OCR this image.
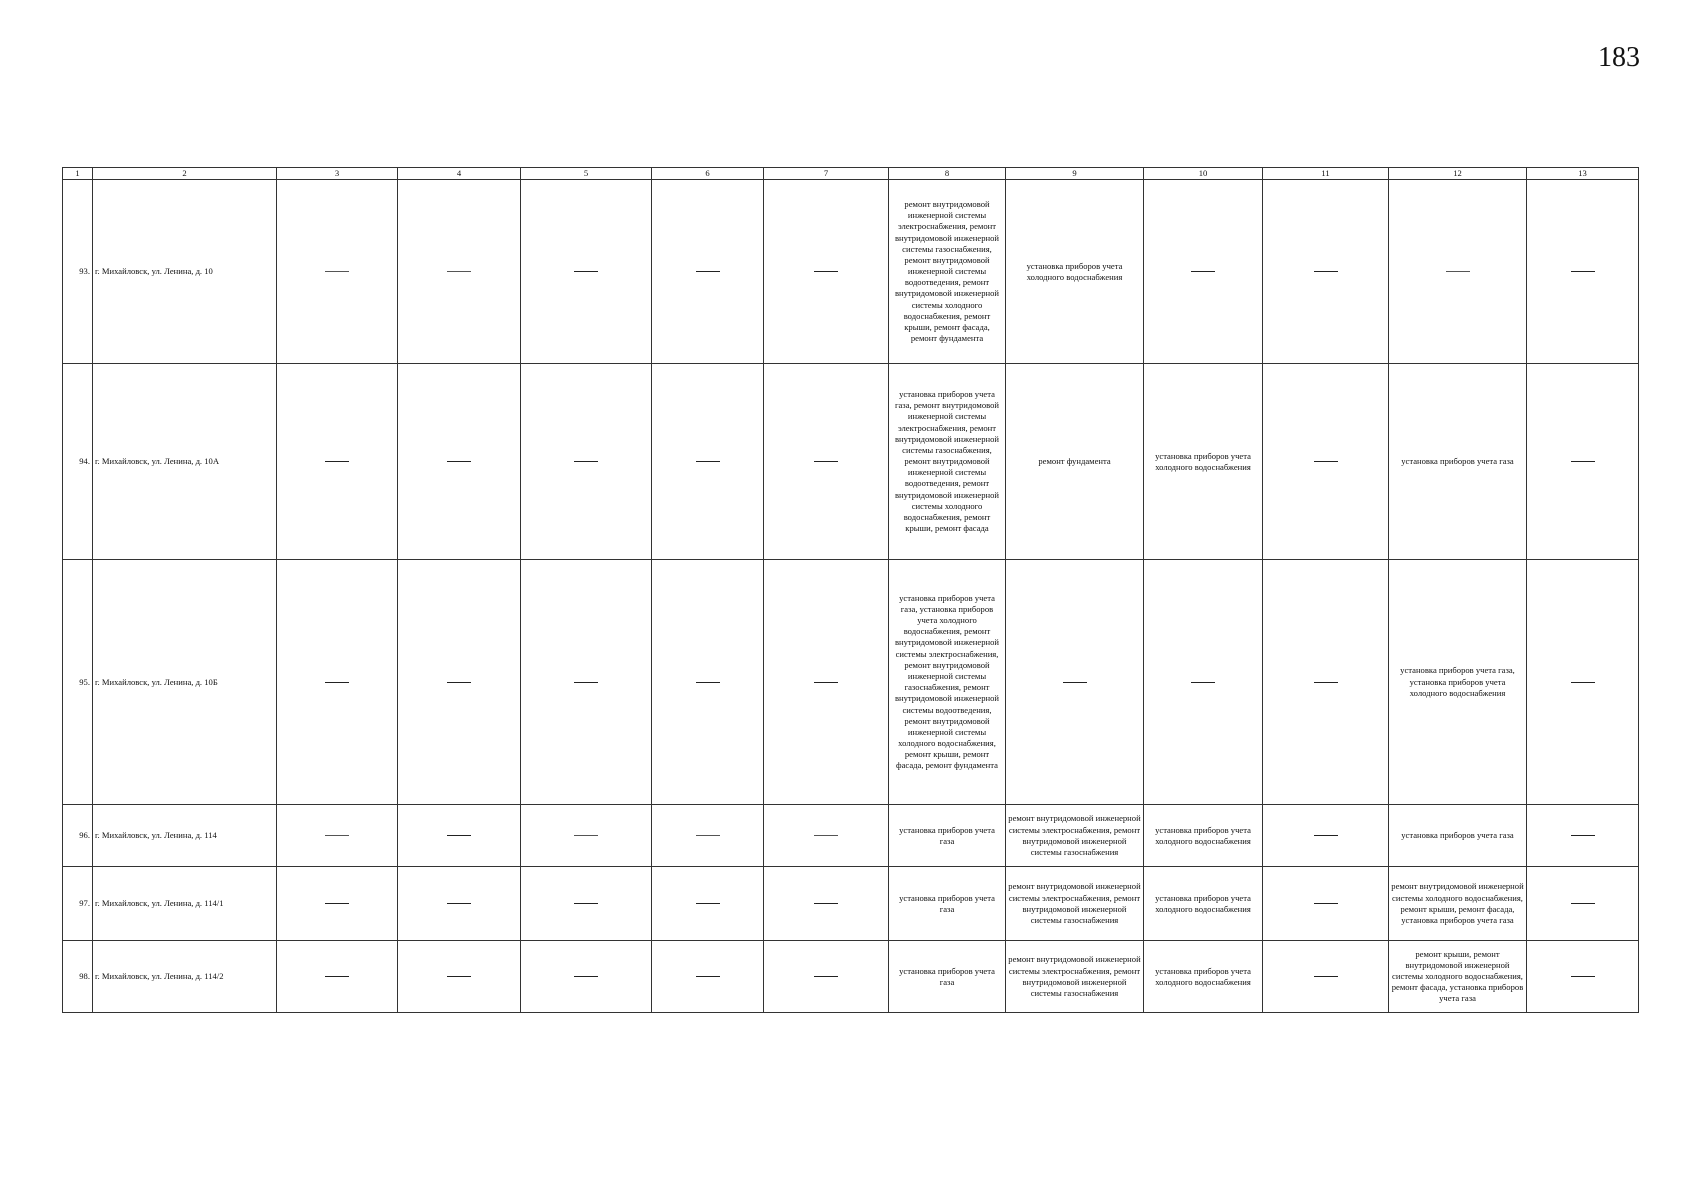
183
1	2	3	4	5	6	7	8	9	10	11	12	13
93.	г. Михайловск, ул. Ленина, д. 10						ремонт внутридомовой инженерной системы электроснабжения, ремонт внутридомовой инженерной системы газоснабжения, ремонт внутридомовой инженерной системы водоотведения, ремонт внутридомовой инженерной системы холодного водоснабжения, ремонт крыши, ремонт фасада, ремонт фундамента	установка приборов учета холодного водоснабжения	

94.	г. Михайловск, ул. Ленина, д. 10А						установка приборов учета газа, ремонт внутридомовой инженерной системы электроснабжения, ремонт внутридомовой инженерной системы газоснабжения, ремонт внутридомовой инженерной системы водоотведения, ремонт внутридомовой инженерной системы холодного водоснабжения, ремонт крыши, ремонт фасада	ремонт фундамента	установка приборов учета холодного водоснабжения		установка приборов учета газа	

95.	г. Михайловск, ул. Ленина, д. 10Б						установка приборов учета газа, установка приборов учета холодного водоснабжения, ремонт внутридомовой инженерной системы электроснабжения, ремонт внутридомовой инженерной системы газоснабжения, ремонт внутридомовой инженерной системы водоотведения, ремонт внутридомовой инженерной системы холодного водоснабжения, ремонт крыши, ремонт фасада, ремонт фундамента				установка приборов учета газа, установка приборов учета холодного водоснабжения	

96.	г. Михайловск, ул. Ленина, д. 114						установка приборов учета газа	ремонт внутридомовой инженерной системы электроснабжения, ремонт внутридомовой инженерной системы газоснабжения	установка приборов учета холодного водоснабжения		установка приборов учета газа	

97.	г. Михайловск, ул. Ленина, д. 114/1						установка приборов учета газа	ремонт внутридомовой инженерной системы электроснабжения, ремонт внутридомовой инженерной системы газоснабжения	установка приборов учета холодного водоснабжения		ремонт внутридомовой инженерной системы холодного водоснабжения, ремонт крыши, ремонт фасада, установка приборов учета газа	

98.	г. Михайловск, ул. Ленина, д. 114/2						установка приборов учета газа	ремонт внутридомовой инженерной системы электроснабжения, ремонт внутридомовой инженерной системы газоснабжения	установка приборов учета холодного водоснабжения		ремонт крыши, ремонт внутридомовой инженерной системы холодного водоснабжения, ремонт фасада, установка приборов учета газа	
